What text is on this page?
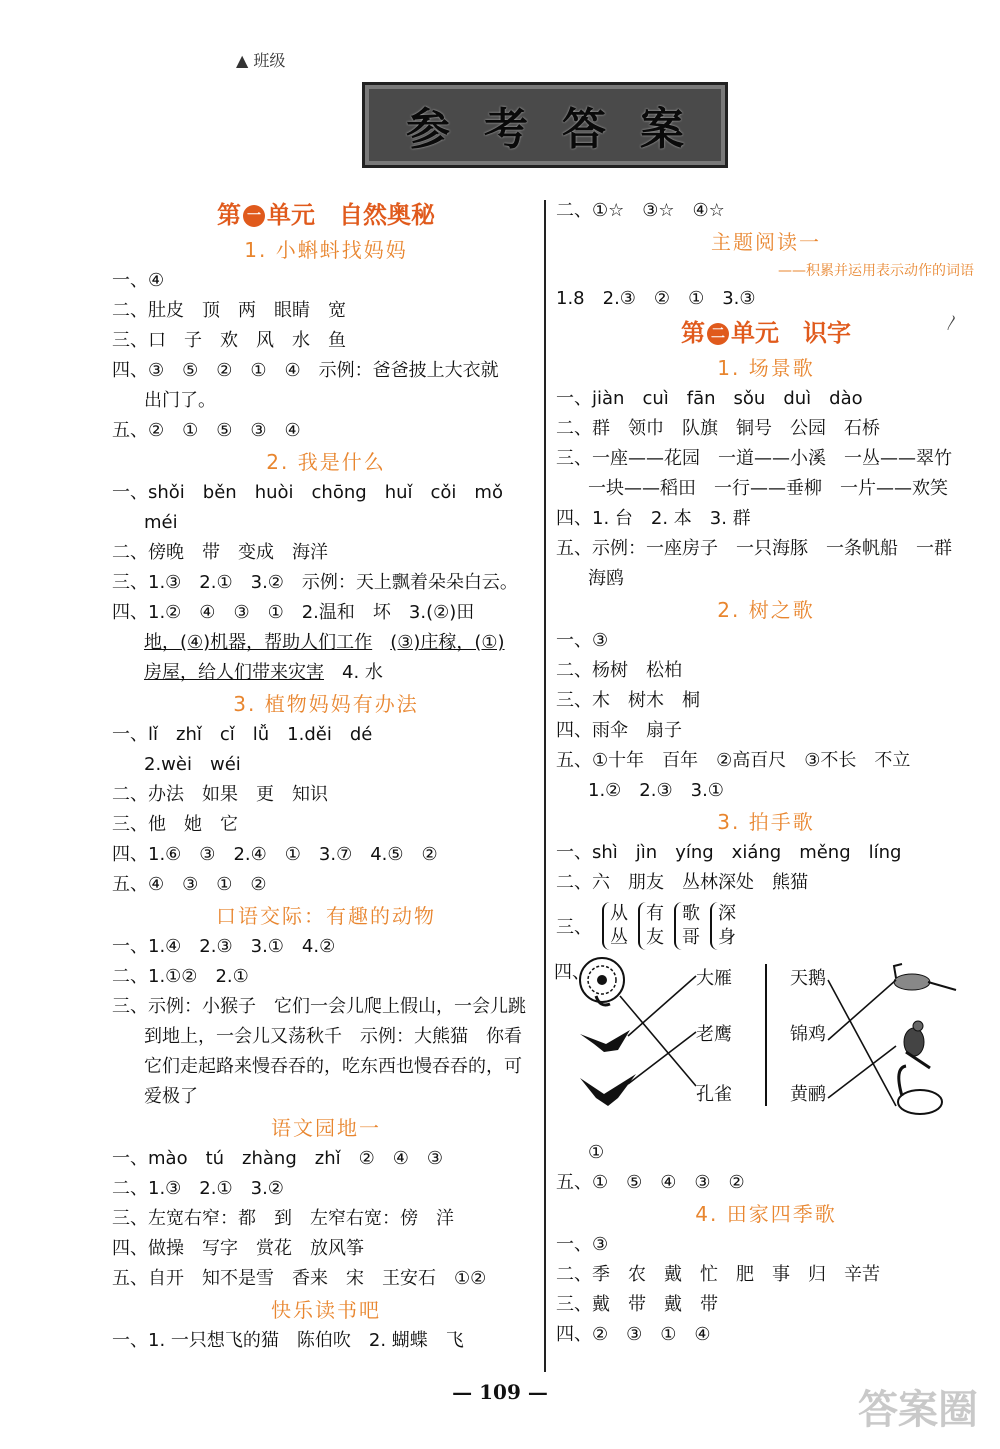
▲ 班级
参考答案
〳
第 一 单元　自然奥秘
1. 小蝌蚪找妈妈
一、④
二、肚皮　顶　两　眼睛　宽
三、口　子　欢　风　水　鱼
四、③　⑤　②　①　④　示例：爸爸披上大衣就
出门了。
五、②　①　⑤　③　④
2. 我是什么
一、shǒi　běn　huòi　chōng　huǐ　cǒi　mǒ
méi
二、傍晚　带　变成　海洋
三、1.③　2.①　3.②　示例：天上飘着朵朵白云。
四、1.②　④　③　①　2.温和　坏　3.(②)田
地，(④)机器，帮助人们工作　 (③)庄稼，(①)
房屋，给人们带来灾害　4. 水
3. 植物妈妈有办法
一、lǐ　zhǐ　cǐ　lǚ　1.děi　dé
2.wèi　wéi
二、办法　如果　更　知识
三、他　她　它
四、1.⑥　③　2.④　①　3.⑦　4.⑤　②
五、④　③　①　②
口语交际：有趣的动物
一、1.④　2.③　3.①　4.②
二、1.①②　2.①
三、示例：小猴子　它们一会儿爬上假山，一会儿跳
到地上，一会儿又荡秋千　示例：大熊猫　你看
它们走起路来慢吞吞的，吃东西也慢吞吞的，可
爱极了
语文园地一
一、mào　tú　zhàng　zhǐ　②　④　③
二、1.③　2.①　3.②
三、左宽右窄：都　到　左窄右宽：傍　洋
四、做操　写字　赏花　放风筝
五、自开　知不是雪　香来　宋　王安石　①②
快乐读书吧
一、1. 一只想飞的猫　陈伯吹　2. 蝴蝶　飞
二、①☆　③☆　④☆
主题阅读一
——积累并运用表示动作的词语
1.8　2.③　②　①　3.③
第 二 单元　识字
1. 场景歌
一、jiàn　cuì　fān　sǒu　duì　dào
二、群　领巾　队旗　铜号　公园　石桥
三、一座——花园　一道——小溪　一丛——翠竹
一块——稻田　一行——垂柳　一片——欢笑
四、1. 台　2. 本　3. 群
五、示例：一座房子　一只海豚　一条帆船　一群
海鸥
2. 树之歌
一、③
二、杨树　松柏
三、木　树木　桐
四、雨伞　扇子
五、①十年　百年　②高百尺　③不长　不立
1.②　2.③　3.①
3. 拍手歌
一、shì　jìn　yíng　xiáng　měng　líng
二、六　朋友　丛林深处　熊猫
三、
从
丛
有
友
歌
哥
深
身
四、	大雁
老鹰
孔雀
天鹅
锦鸡
黄鹂
①
五、①　⑤　④　③　②
4. 田家四季歌
一、③
二、季　农　戴　忙　肥　事　归　辛苦
三、戴　带　戴　带
四、②　③　①　④
— 109 —	答案圈
